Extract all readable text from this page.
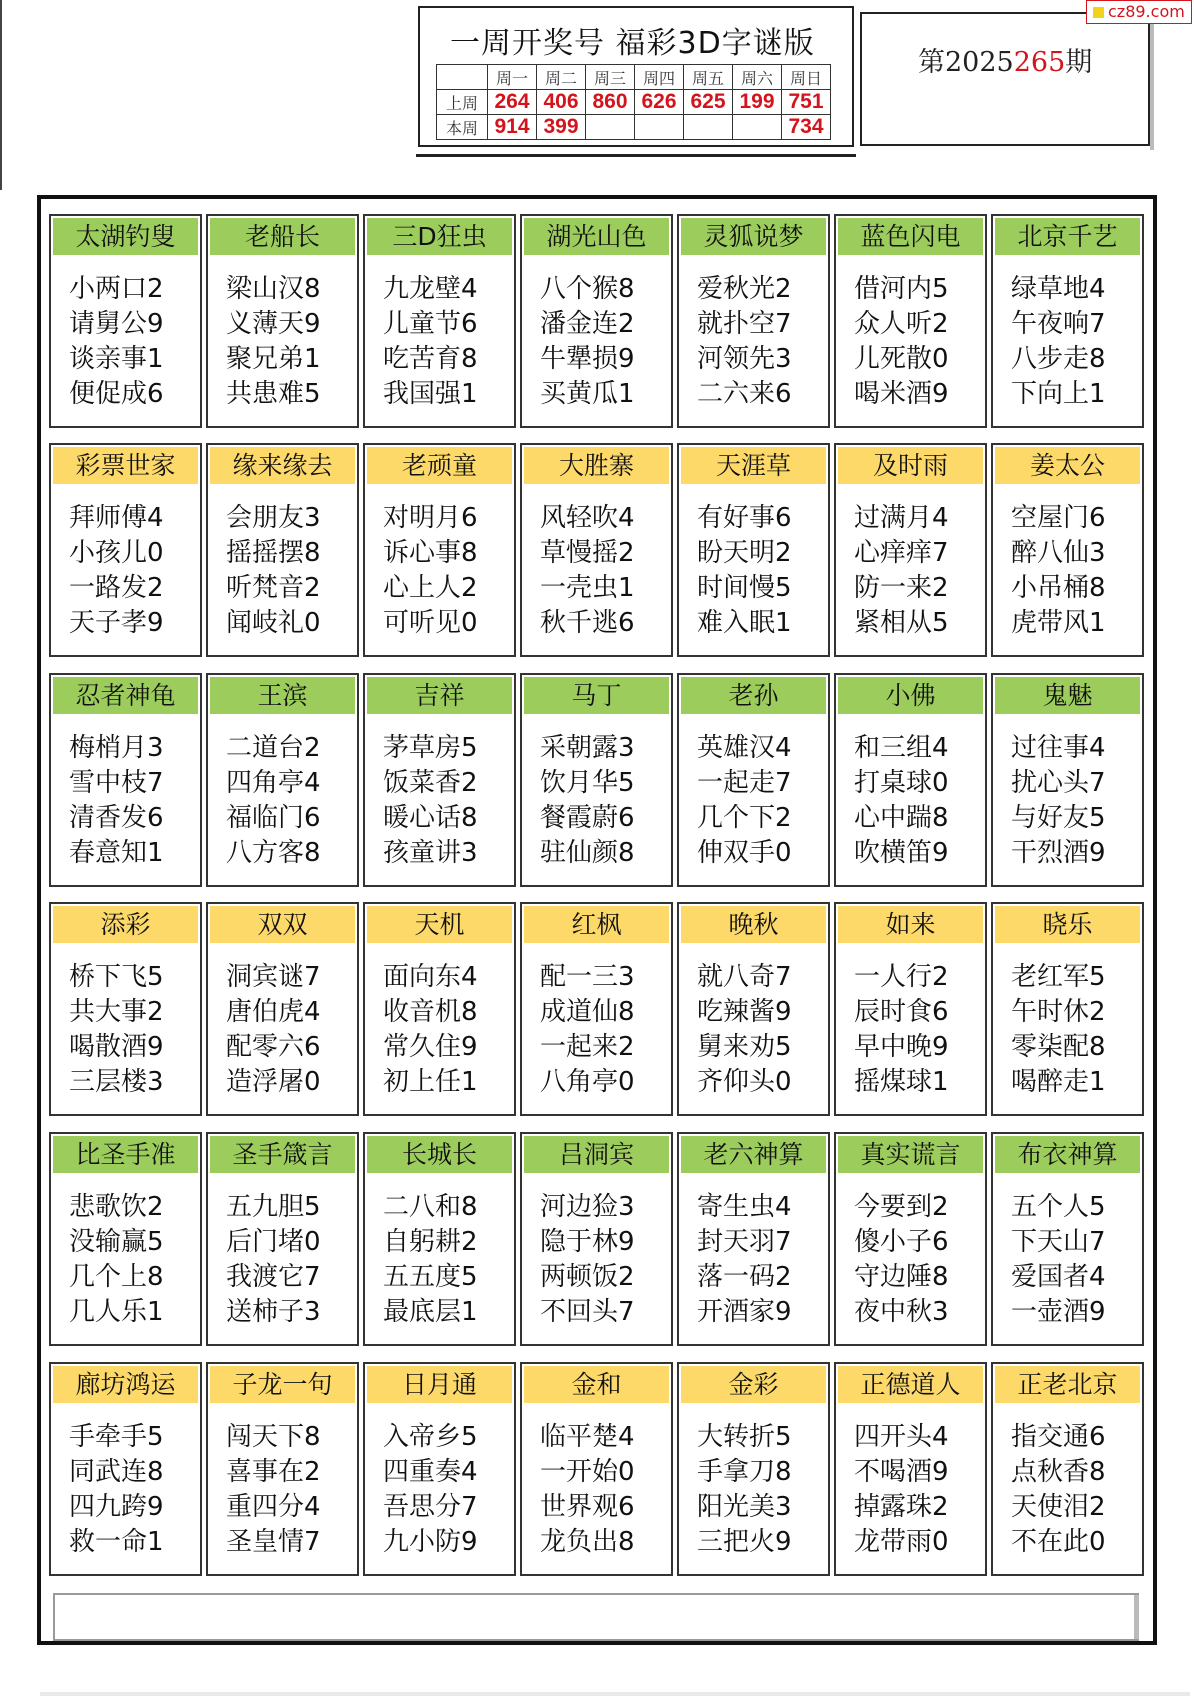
一周开奖号 福彩3D字谜版
	周一	周二	周三	周四	周五	周六	周日
上周	264	406	860	626	625	199	751
本周	914	399					734
第2025265期
cz89.com
太湖钓叟
小两口2
请舅公9
谈亲事1
便促成6
老船长
梁山汉8
义薄天9
聚兄弟1
共患难5
三D狂虫
九龙壁4
儿童节6
吃苦育8
我国强1
湖光山色
八个猴8
潘金连2
牛犟损9
买黄瓜1
灵狐说梦
爱秋光2
就扑空7
河领先3
二六来6
蓝色闪电
借河内5
众人听2
儿死散0
喝米酒9
北京千艺
绿草地4
午夜响7
八步走8
下向上1
彩票世家
拜师傅4
小孩儿0
一路发2
天子孝9
缘来缘去
会朋友3
摇摇摆8
听梵音2
闻岐礼0
老顽童
对明月6
诉心事8
心上人2
可听见0
大胜寨
风轻吹4
草慢摇2
一壳虫1
秋千逃6
天涯草
有好事6
盼天明2
时间慢5
难入眠1
及时雨
过满月4
心痒痒7
防一来2
紧相从5
姜太公
空屋门6
醉八仙3
小吊桶8
虎带风1
忍者神龟
梅梢月3
雪中枝7
清香发6
春意知1
王滨
二道台2
四角亭4
福临门6
八方客8
吉祥
茅草房5
饭菜香2
暖心话8
孩童讲3
马丁
采朝露3
饮月华5
餐霞蔚6
驻仙颜8
老孙
英雄汉4
一起走7
几个下2
伸双手0
小佛
和三组4
打桌球0
心中踹8
吹横笛9
鬼魅
过往事4
扰心头7
与好友5
干烈酒9
添彩
桥下飞5
共大事2
喝散酒9
三层楼3
双双
洞宾谜7
唐伯虎4
配零六6
造浮屠0
天机
面向东4
收音机8
常久住9
初上任1
红枫
配一三3
成道仙8
一起来2
八角亭0
晚秋
就八奇7
吃辣酱9
舅来劝5
齐仰头0
如来
一人行2
辰时食6
早中晚9
摇煤球1
晓乐
老红军5
午时休2
零柒配8
喝醉走1
比圣手准
悲歌饮2
没输赢5
几个上8
几人乐1
圣手箴言
五九胆5
后门堵0
我渡它7
送柿子3
长城长
二八和8
自躬耕2
五五度5
最底层1
吕洞宾
河边猃3
隐于林9
两顿饭2
不回头7
老六神算
寄生虫4
封天羽7
落一码2
开酒家9
真实谎言
今要到2
傻小子6
守边陲8
夜中秋3
布衣神算
五个人5
下天山7
爱国者4
一壶酒9
廊坊鸿运
手牵手5
同武连8
四九跨9
救一命1
子龙一句
闯天下8
喜事在2
重四分4
圣皇情7
日月通
入帝乡5
四重奏4
吾思分7
九小防9
金和
临平楚4
一开始0
世界观6
龙负出8
金彩
大转折5
手拿刀8
阳光美3
三把火9
正德道人
四开头4
不喝酒9
掉露珠2
龙带雨0
正老北京
指交通6
点秋香8
天使泪2
不在此0
